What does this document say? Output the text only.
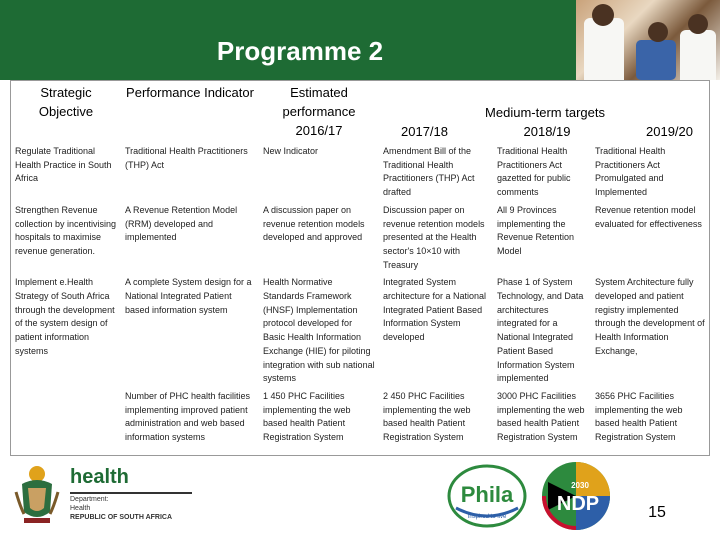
Programme 2
Strategic Objective	Performance Indicator	Estimated performance 2016/17	Medium-term targets
2017/18 2018/19 2019/20		

Regulate Traditional Health Practice in South Africa	Traditional Health Practitioners (THP) Act	New Indicator	Amendment Bill of the Traditional Health Practitioners (THP) Act drafted	Traditional Health Practitioners Act gazetted for public comments	Traditional Health Practitioners Act Promulgated and Implemented
Strengthen Revenue collection by incentivising hospitals to maximise revenue generation.	A Revenue Retention Model (RRM) developed and implemented	A discussion paper on revenue retention models developed and approved	Discussion paper on revenue retention models presented at the Health sector's 10×10 with Treasury	All 9 Provinces implementing the Revenue Retention Model	Revenue retention model evaluated for effectiveness
Implement e.Health Strategy of South Africa through the development of the system design of patient information systems	A complete System design for a National Integrated Patient based information system	Health Normative Standards Framework (HNSF) Implementation protocol developed for Basic Health Information Exchange (HIE) for piloting integration with sub national systems	Integrated System architecture for a National Integrated Patient Based Information System developed	Phase 1 of System Technology, and Data architectures integrated for a National Integrated Patient Based Information System implemented	System Architecture fully developed and patient registry implemented through the development of Health Information Exchange,
	Number of PHC health facilities implementing improved patient administration and web based information systems	1 450 PHC Facilities implementing the web based health Patient Registration System	2 450 PHC Facilities implementing the web based health Patient Registration System	3000 PHC Facilities implementing the web based health Patient Registration System	3656 PHC Facilities implementing the web based health Patient Registration System
health
Department:
Health
REPUBLIC OF SOUTH AFRICA
Phila
Inspired to live
2030
NDP	15
